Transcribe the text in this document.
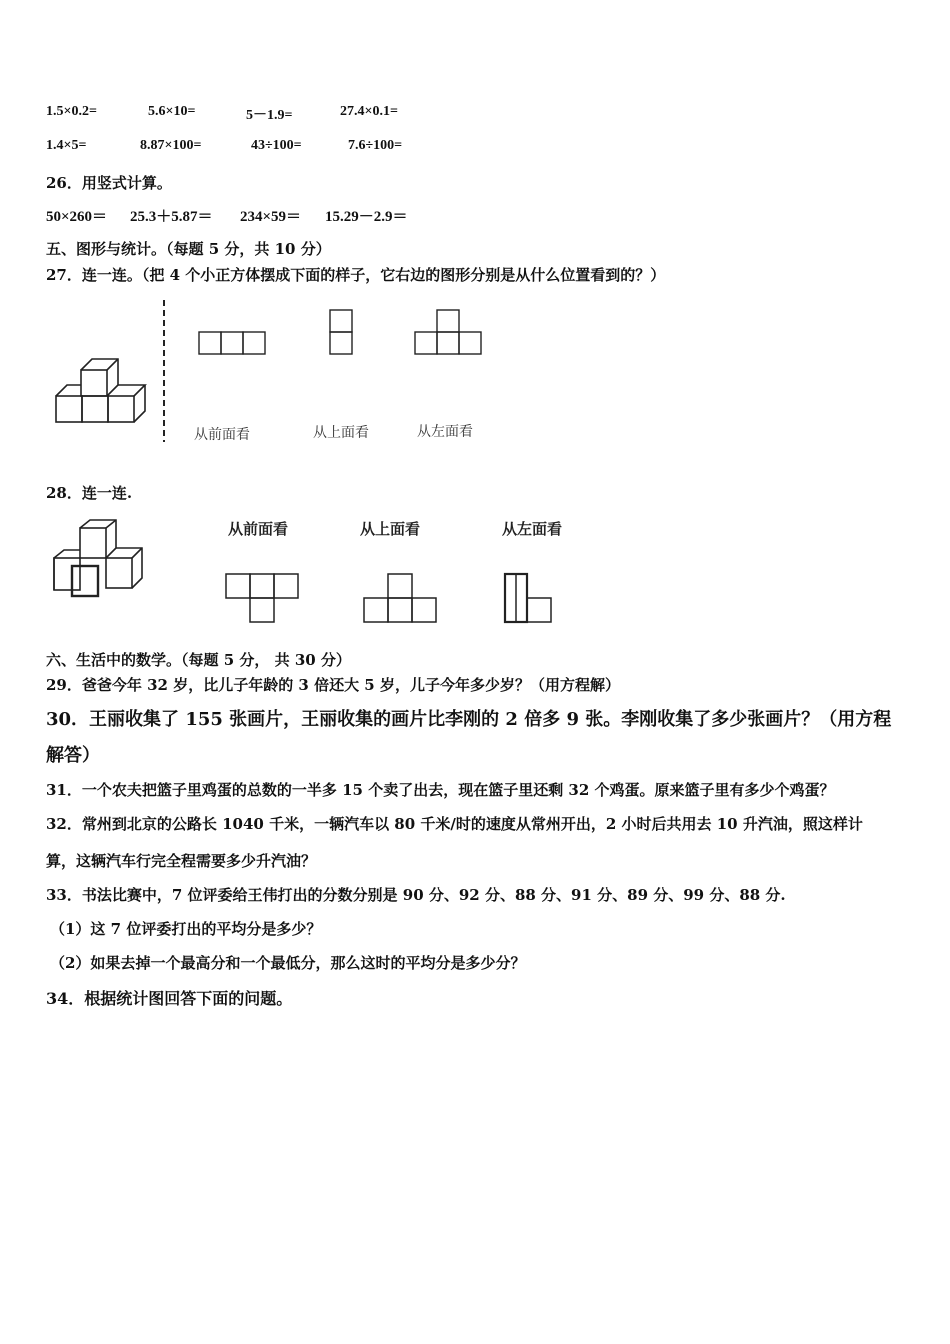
1.5×0.2=	5.6×10=	5－1.9=	27.4×0.1=
1.4×5=	8.87×100=	43÷100=	7.6÷100=
26．用竖式计算。
50×260＝ 25.3＋5.87＝ 234×59＝ 15.29－2.9＝
五、图形与统计。（每题 5 分，共 10 分）
27．连一连。（把 4 个小正方体摆成下面的样子，它右边的图形分别是从什么位置看到的？）
从前面看	从上面看	从左面看
28．连一连.
从前面看	从上面看	从左面看
六、生活中的数学。（每题 5 分， 共 30 分）
29．爸爸今年 32 岁，比儿子年龄的 3 倍还大 5 岁，儿子今年多少岁？（用方程解）
30．王丽收集了 155 张画片，王丽收集的画片比李刚的 2 倍多 9 张。李刚收集了多少张画片？（用方程
解答）
31．一个农夫把篮子里鸡蛋的总数的一半多 15 个卖了出去，现在篮子里还剩 32 个鸡蛋。原来篮子里有多少个鸡蛋？
32．常州到北京的公路长 1040 千米，一辆汽车以 80 千米/时的速度从常州开出，2 小时后共用去 10 升汽油，照这样计
算，这辆汽车行完全程需要多少升汽油？
33．书法比赛中，7 位评委给王伟打出的分数分别是 90 分、92 分、88 分、91 分、89 分、99 分、88 分.
（1）这 7 位评委打出的平均分是多少？
（2）如果去掉一个最高分和一个最低分，那么这时的平均分是多少分？
34．根据统计图回答下面的问题。
